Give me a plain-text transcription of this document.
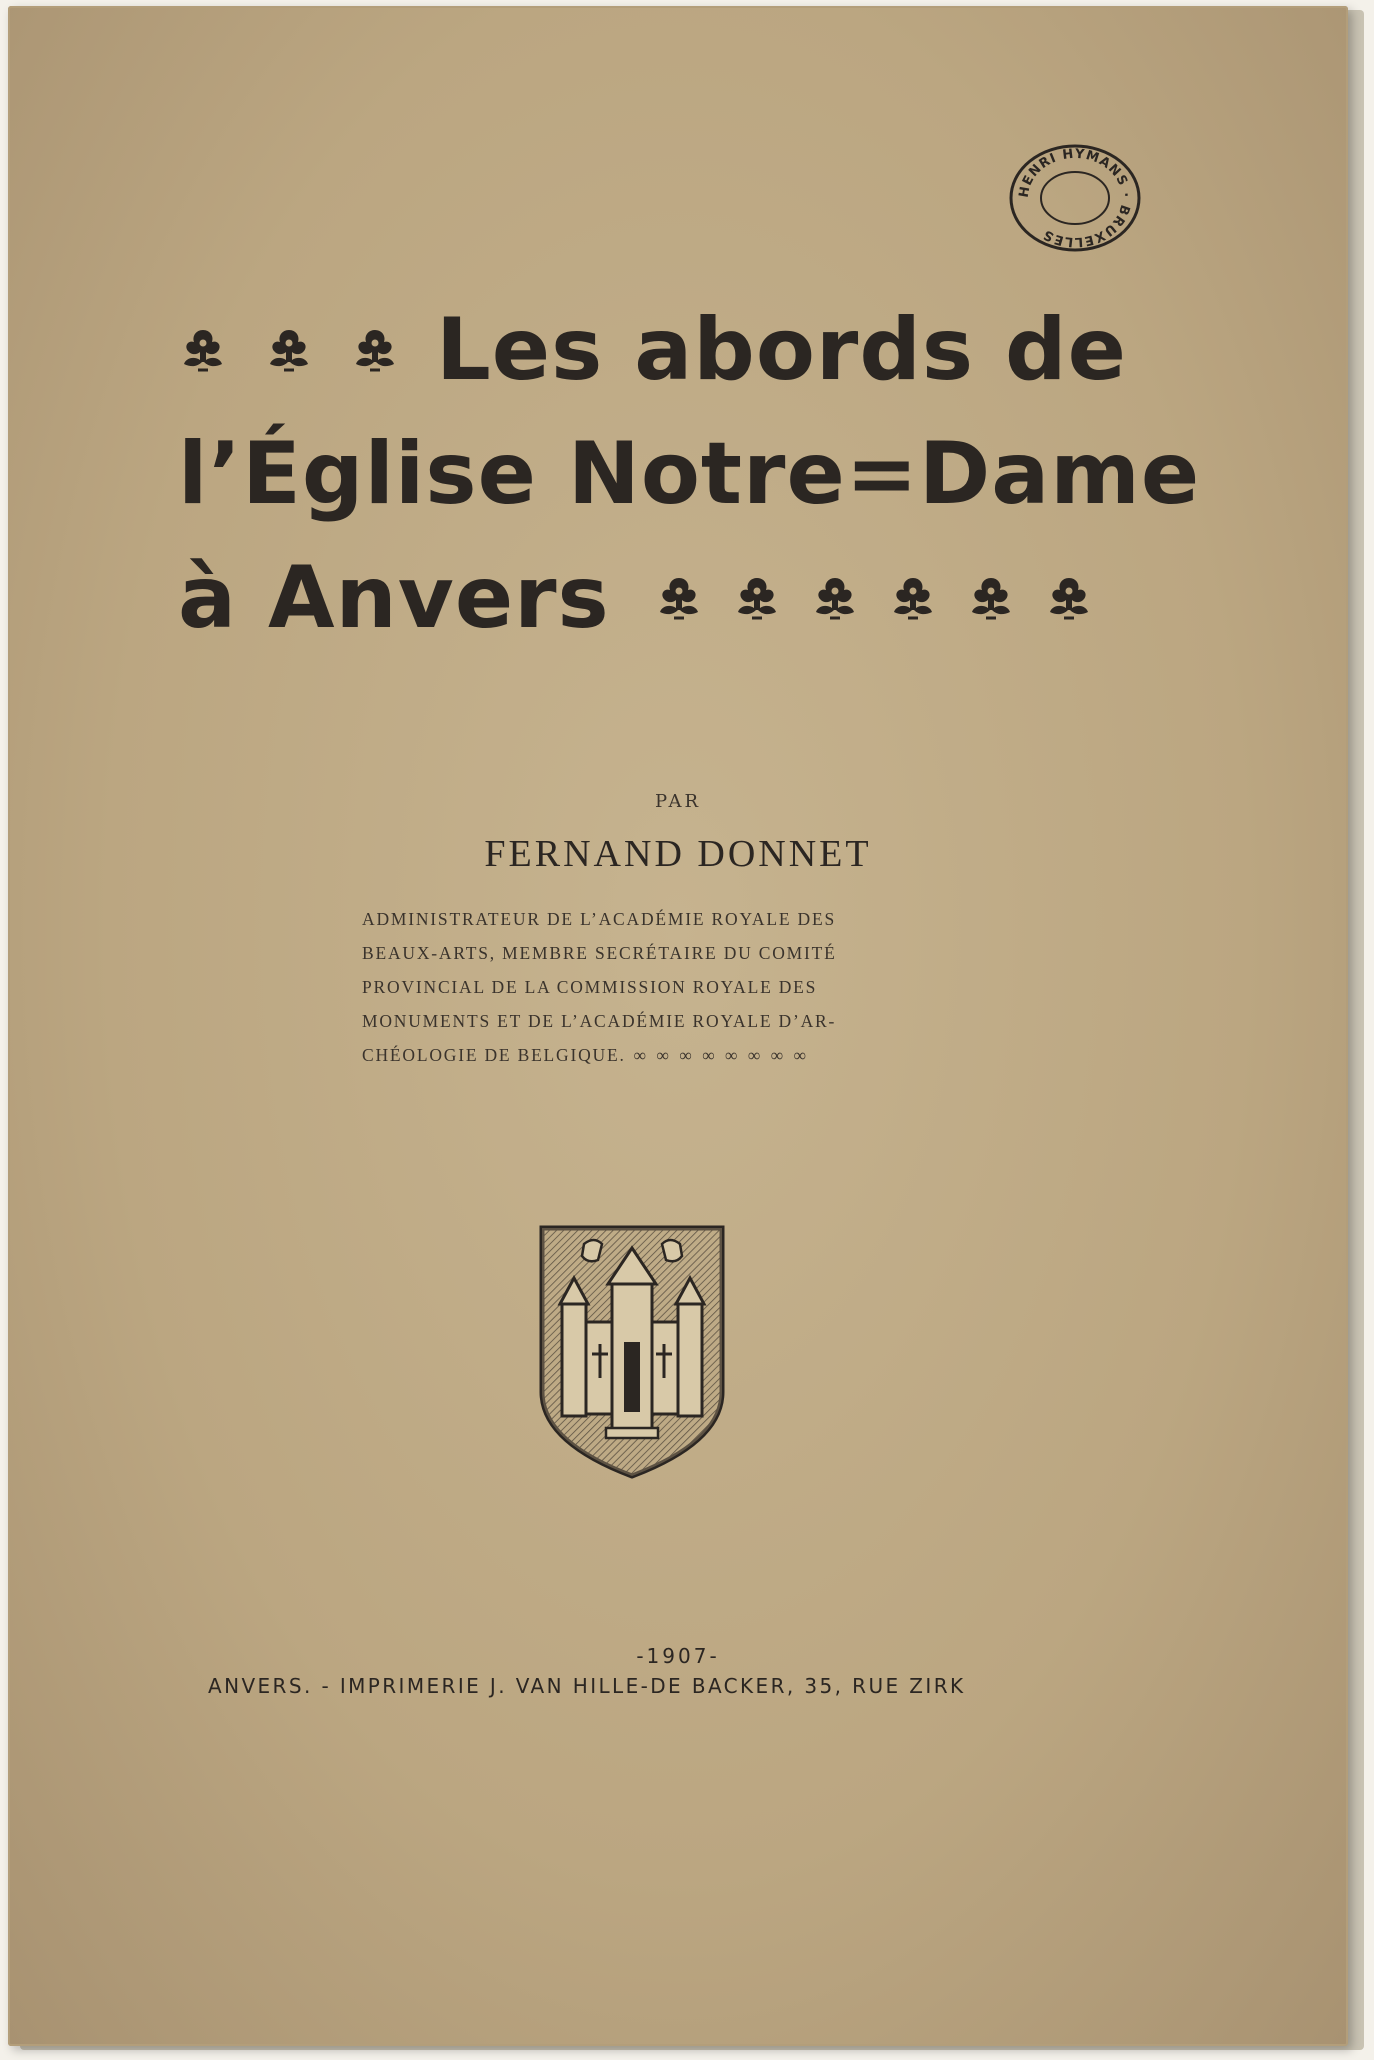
HENRI HYMANS · BRUXELLES
Les abords de
l’Église Notre=Dame
à Anvers
PAR
FERNAND DONNET
ADMINISTRATEUR DE L’ACADÉMIE ROYALE DES
BEAUX-ARTS, MEMBRE SECRÉTAIRE DU COMITÉ
PROVINCIAL DE LA COMMISSION ROYALE DES
MONUMENTS ET DE L’ACADÉMIE ROYALE D’AR-
CHÉOLOGIE DE BELGIQUE. ∞ ∞ ∞ ∞ ∞ ∞ ∞ ∞
-1907-
ANVERS. - IMPRIMERIE J. VAN HILLE-DE BACKER, 35, RUE ZIRK
